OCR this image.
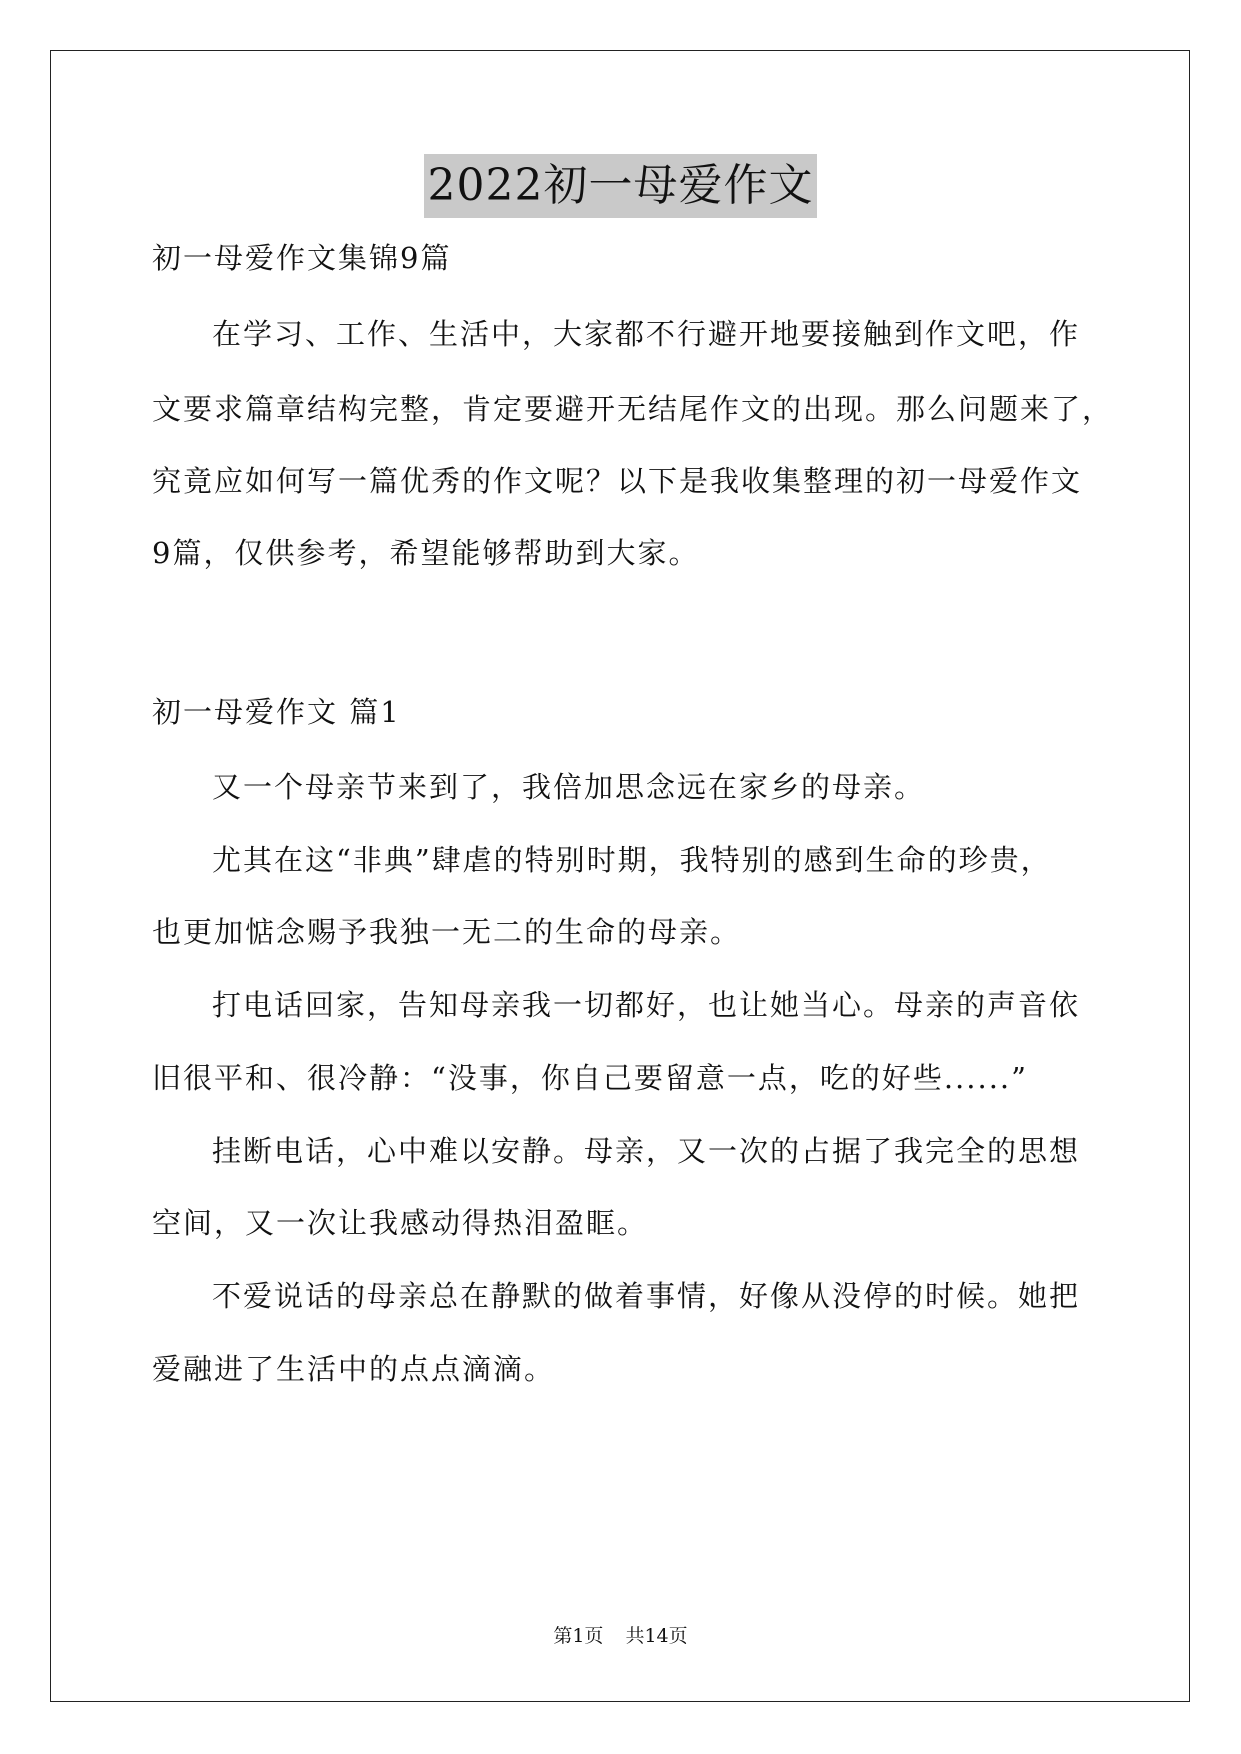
2022初一母爱作文
初一母爱作文集锦9篇
在学习、工作、生活中，大家都不行避开地要接触到作文吧，作
文要求篇章结构完整，肯定要避开无结尾作文的出现。那么问题来了，
究竟应如何写一篇优秀的作文呢？以下是我收集整理的初一母爱作文
9篇，仅供参考，希望能够帮助到大家。
初一母爱作文 篇1
又一个母亲节来到了，我倍加思念远在家乡的母亲。
尤其在这“非典”肆虐的特别时期，我特别的感到生命的珍贵，
也更加惦念赐予我独一无二的生命的母亲。
打电话回家，告知母亲我一切都好，也让她当心。母亲的声音依
旧很平和、很冷静：“没事，你自己要留意一点，吃的好些......”
挂断电话，心中难以安静。母亲，又一次的占据了我完全的思想
空间，又一次让我感动得热泪盈眶。
不爱说话的母亲总在静默的做着事情，好像从没停的时候。她把
爱融进了生活中的点点滴滴。
第1页 共14页
